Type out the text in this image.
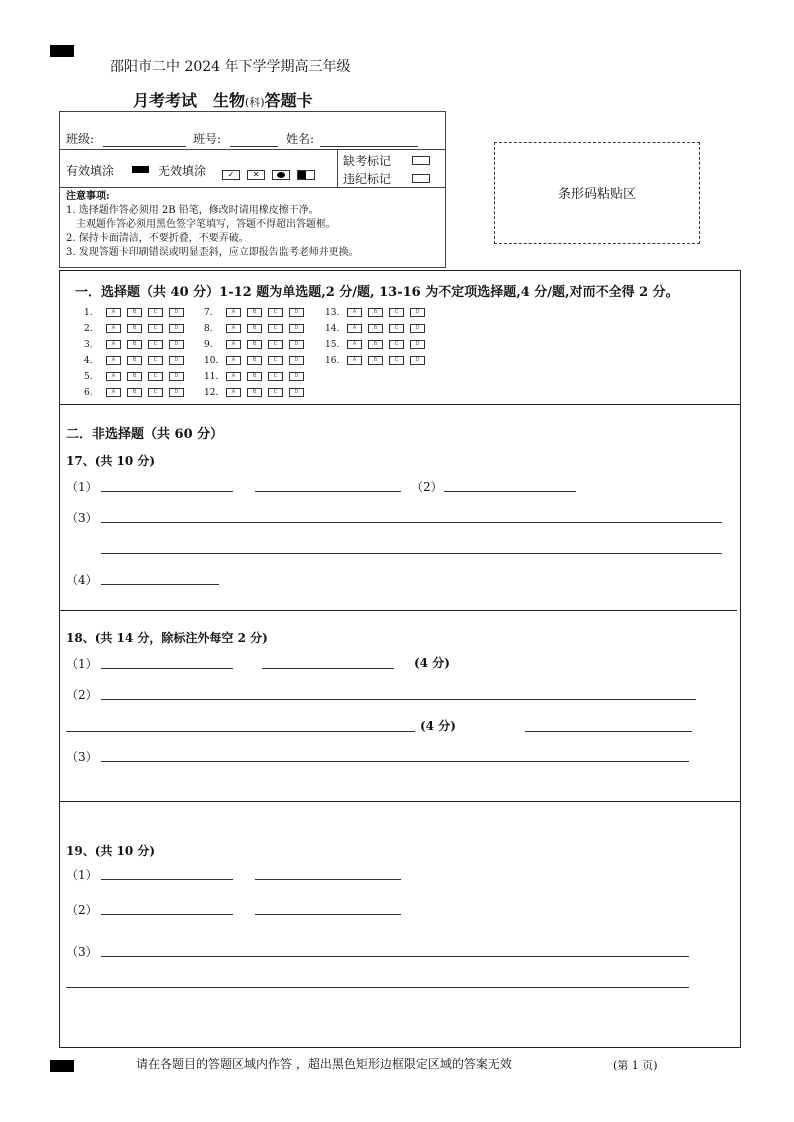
邵阳市二中 2024 年下学学期高三年级
月考考试　生物(科)答题卡
班级:	班号:	姓名:
有效填涂	无效填涂	✓ ✕

缺考标记
违纪标记
注意事项:
1. 选择题作答必须用 2B 铅笔，修改时请用橡皮擦干净。
　主观题作答必须用黑色签字笔填写，答题不得超出答题框。
2. 保持卡面清洁，不要折叠，不要弄破。
3. 发现答题卡印刷错误或明显歪斜，应立即报告监考老师并更换。
条形码粘贴区
一．选择题（共 40 分）1-12 题为单选题,2 分/题, 13-16 为不定项选择题,4 分/题,对而不全得 2 分。
1.	A	B	C	D
2.	A	B	C	D
3.	A	B	C	D
4.	A	B	C	D
5.	A	B	C	D
6.	A	B	C	D
7.	A	B	C	D
8.	A	B	C	D
9.	A	B	C	D
10.	A	B	C	D
11.	A	B	C	D
12.	A	B	C	D
13.	A	B	C	D
14.	A	B	C	D
15.	A	B	C	D
16.	A	B	C	D
二．非选择题（共 60 分）
17、(共 10 分)
（1）	（2）
（3）
（4）
18、(共 14 分，除标注外每空 2 分)
（1）	(4 分)
（2）
(4 分)
（3）
19、(共 10 分)
（1）
（2）
（3）
请在各题目的答题区域内作答 ，超出黑色矩形边框限定区域的答案无效	(第 1 页)
